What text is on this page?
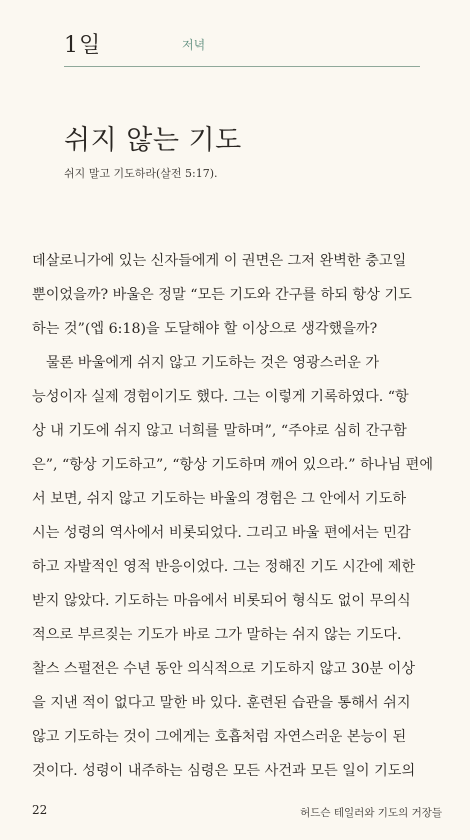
1일	저녁
쉬지 않는 기도
쉬지 말고 기도하라(살전 5:17).
데살로니가에 있는 신자들에게 이 권면은 그저 완벽한 충고일
뿐이었을까? 바울은 정말 “모든 기도와 간구를 하되 항상 기도
하는 것”(엡 6:18)을 도달해야 할 이상으로 생각했을까?
물론 바울에게 쉬지 않고 기도하는 것은 영광스러운 가
능성이자 실제 경험이기도 했다. 그는 이렇게 기록하였다. “항
상 내 기도에 쉬지 않고 너희를 말하며”, “주야로 심히 간구함
은”, “항상 기도하고”, “항상 기도하며 깨어 있으라.” 하나님 편에
서 보면, 쉬지 않고 기도하는 바울의 경험은 그 안에서 기도하
시는 성령의 역사에서 비롯되었다. 그리고 바울 편에서는 민감
하고 자발적인 영적 반응이었다. 그는 정해진 기도 시간에 제한
받지 않았다. 기도하는 마음에서 비롯되어 형식도 없이 무의식
적으로 부르짖는 기도가 바로 그가 말하는 쉬지 않는 기도다.
찰스 스펄전은 수년 동안 의식적으로 기도하지 않고 30분 이상
을 지낸 적이 없다고 말한 바 있다. 훈련된 습관을 통해서 쉬지
않고 기도하는 것이 그에게는 호흡처럼 자연스러운 본능이 된
것이다. 성령이 내주하는 심령은 모든 사건과 모든 일이 기도의
22	허드슨 테일러와 기도의 거장들
